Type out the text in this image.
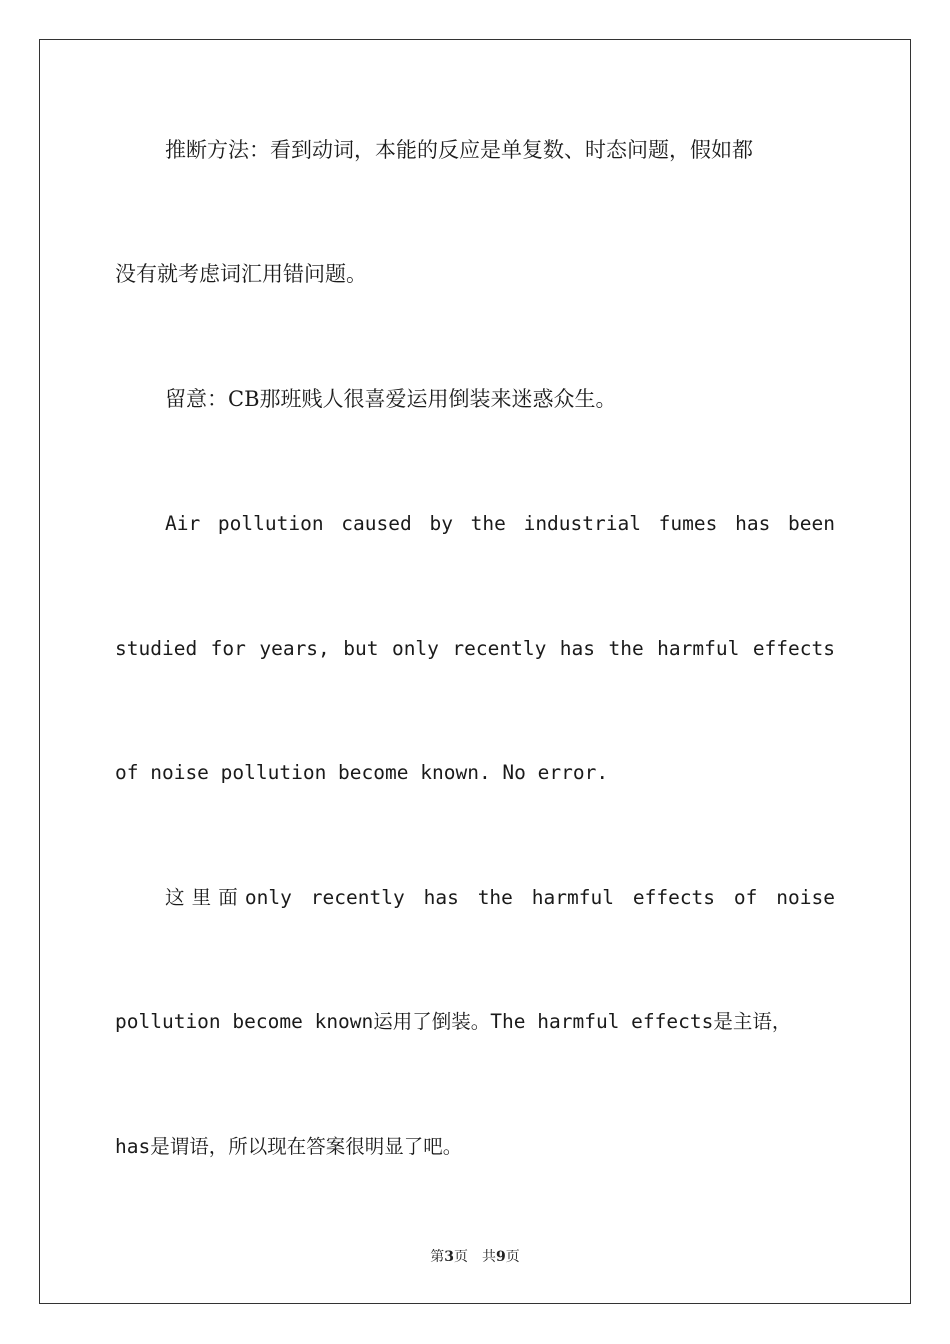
推断方法：看到动词，本能的反应是单复数、时态问题，假如都
没有就考虑词汇用错问题。
留意：CB那班贱人很喜爱运用倒装来迷惑众生。
Air pollution caused by the industrial fumes has been
studied for years, but only recently has the harmful effects
of noise pollution become known. No error.
这里面only recently has the harmful effects of noise
pollution become known运用了倒装。The harmful effects是主语，
has是谓语，所以现在答案很明显了吧。
第3页　共9页
